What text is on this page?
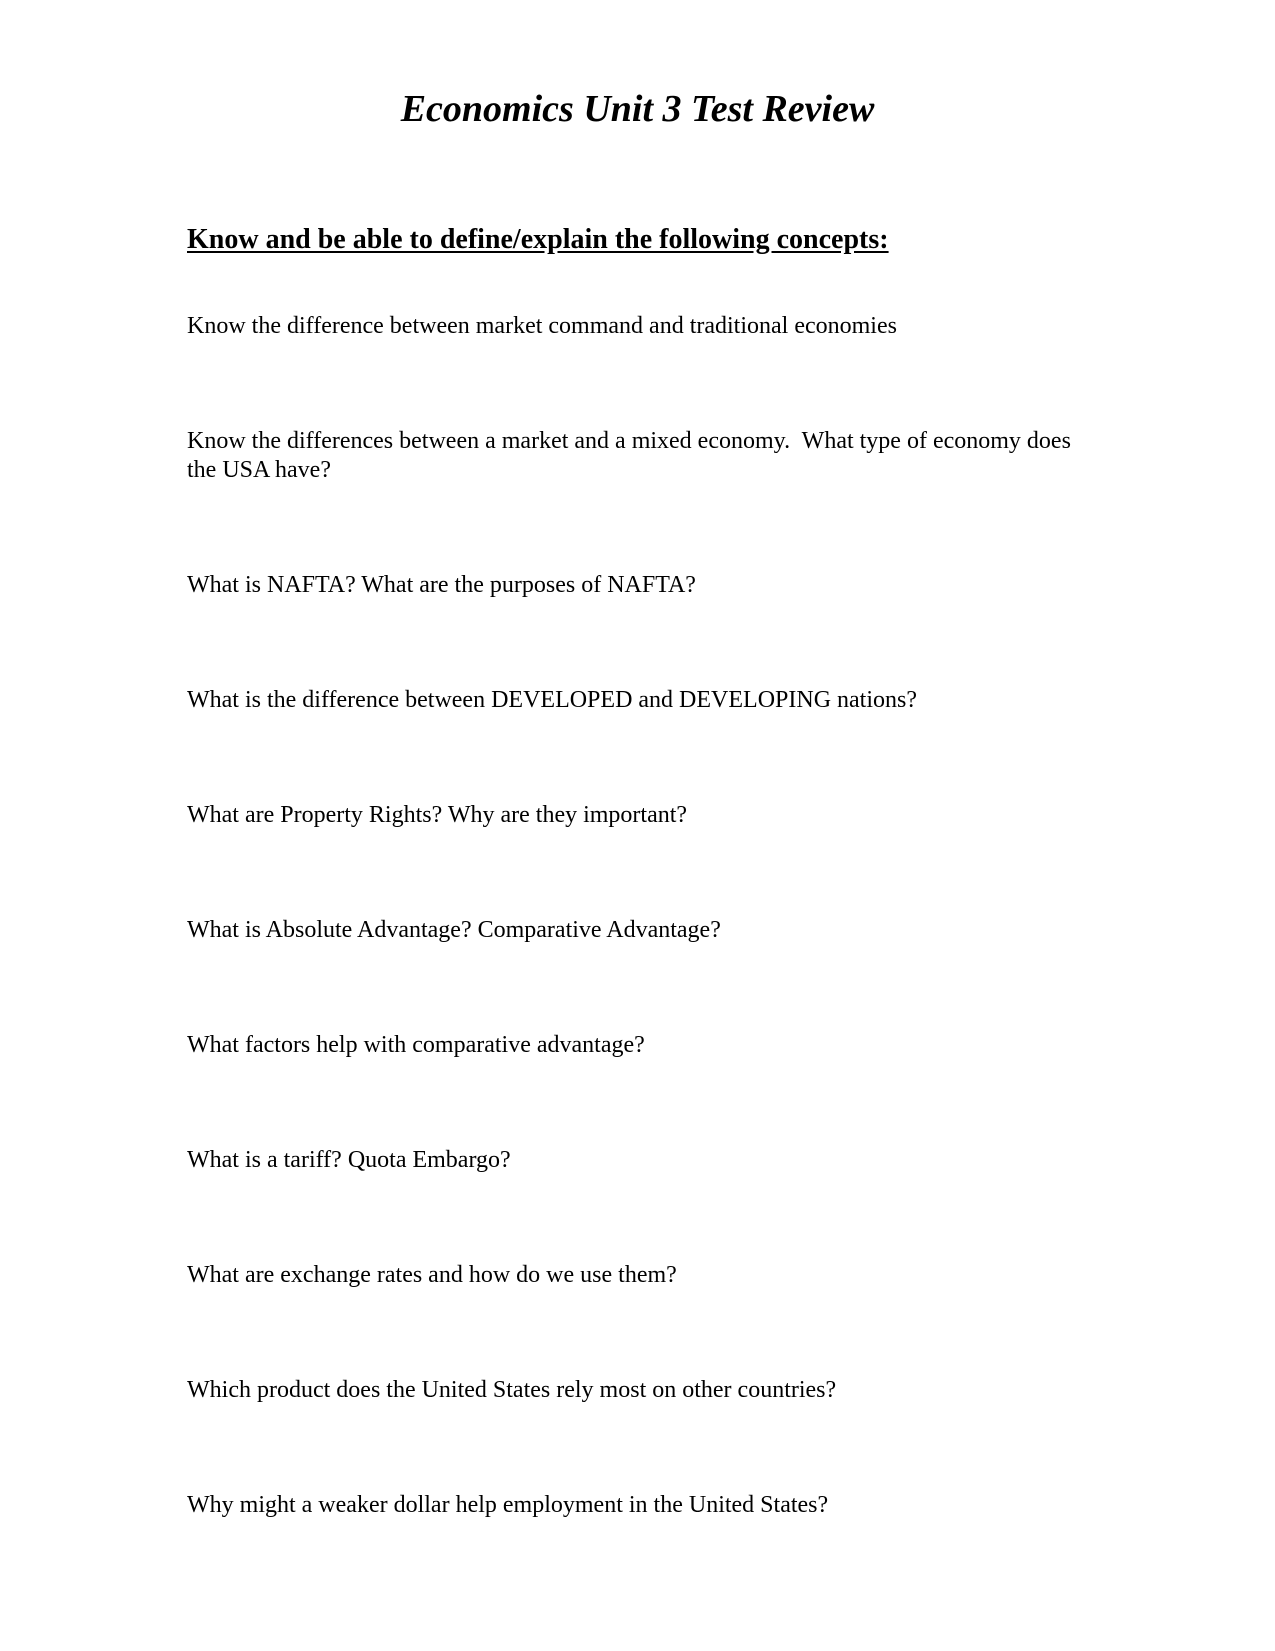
Economics Unit 3 Test Review
Know and be able to define/explain the following concepts:
Know the difference between market command and traditional economies
Know the differences between a market and a mixed economy.  What type of economy does the USA have?
What is NAFTA? What are the purposes of NAFTA?
What is the difference between DEVELOPED and DEVELOPING nations?
What are Property Rights? Why are they important?
What is Absolute Advantage? Comparative Advantage?
What factors help with comparative advantage?
What is a tariff? Quota Embargo?
What are exchange rates and how do we use them?
Which product does the United States rely most on other countries?
Why might a weaker dollar help employment in the United States?
